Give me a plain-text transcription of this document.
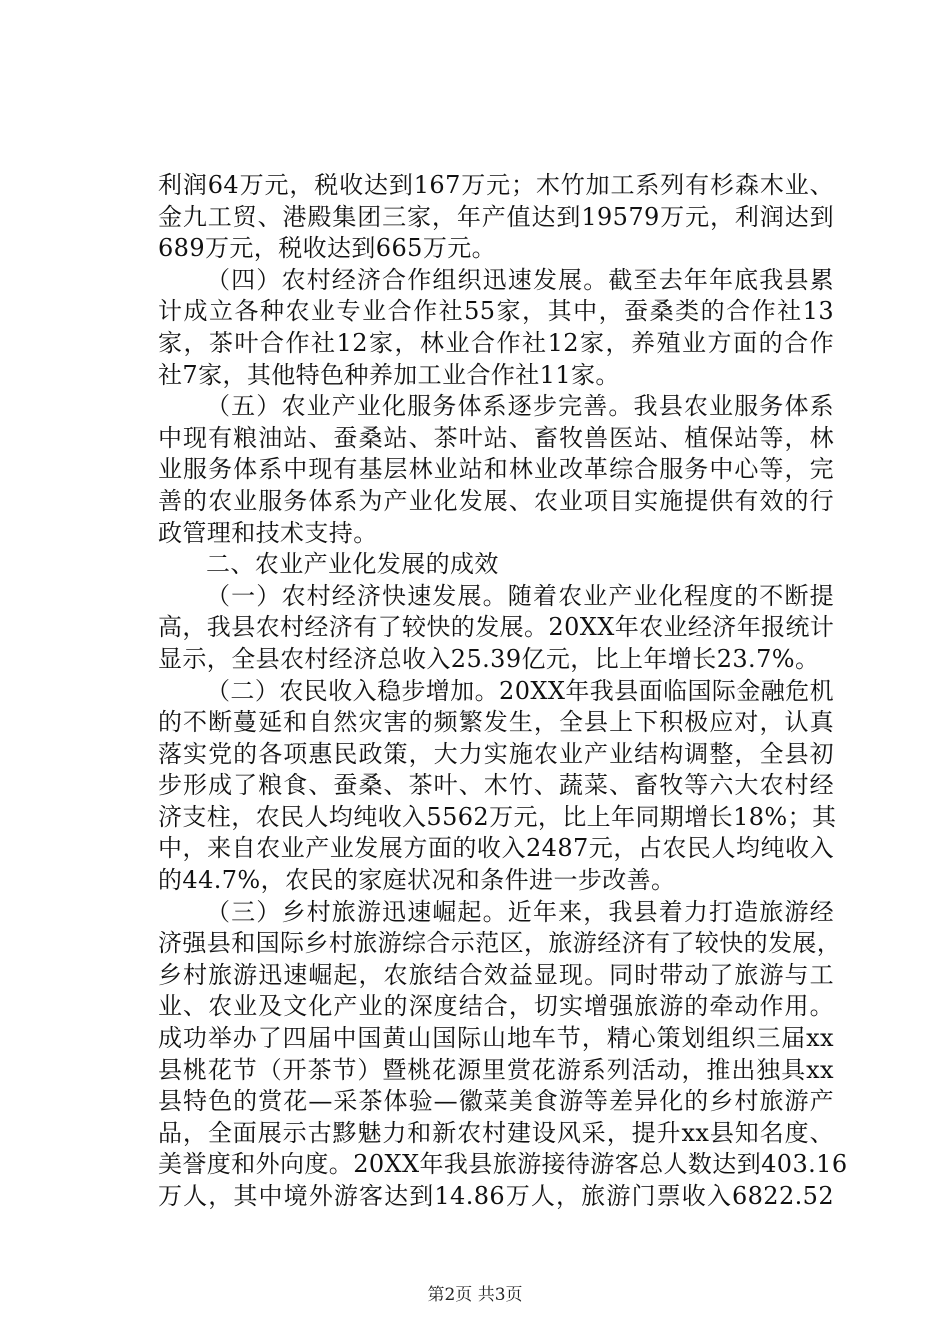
利润64万元，税收达到167万元；木竹加工系列有杉森木业、
金九工贸、港殿集团三家，年产值达到19579万元，利润达到
689万元，税收达到665万元。
（四）农村经济合作组织迅速发展。截至去年年底我县累
计成立各种农业专业合作社55家，其中，蚕桑类的合作社13
家，茶叶合作社12家，林业合作社12家，养殖业方面的合作
社7家，其他特色种养加工业合作社11家。
（五）农业产业化服务体系逐步完善。我县农业服务体系
中现有粮油站、蚕桑站、茶叶站、畜牧兽医站、植保站等，林
业服务体系中现有基层林业站和林业改革综合服务中心等，完
善的农业服务体系为产业化发展、农业项目实施提供有效的行
政管理和技术支持。
二、农业产业化发展的成效
（一）农村经济快速发展。随着农业产业化程度的不断提
高，我县农村经济有了较快的发展。20XX年农业经济年报统计
显示，全县农村经济总收入25.39亿元，比上年增长23.7%。
（二）农民收入稳步增加。20XX年我县面临国际金融危机
的不断蔓延和自然灾害的频繁发生，全县上下积极应对，认真
落实党的各项惠民政策，大力实施农业产业结构调整，全县初
步形成了粮食、蚕桑、茶叶、木竹、蔬菜、畜牧等六大农村经
济支柱，农民人均纯收入5562万元，比上年同期增长18%；其
中，来自农业产业发展方面的收入2487元，占农民人均纯收入
的44.7%，农民的家庭状况和条件进一步改善。
（三）乡村旅游迅速崛起。近年来，我县着力打造旅游经
济强县和国际乡村旅游综合示范区，旅游经济有了较快的发展，
乡村旅游迅速崛起，农旅结合效益显现。同时带动了旅游与工
业、农业及文化产业的深度结合，切实增强旅游的牵动作用。
成功举办了四届中国黄山国际山地车节，精心策划组织三届xx
县桃花节（开茶节）暨桃花源里赏花游系列活动，推出独具xx
县特色的赏花—采茶体验—徽菜美食游等差异化的乡村旅游产
品，全面展示古黟魅力和新农村建设风采，提升xx县知名度、
美誉度和外向度。20XX年我县旅游接待游客总人数达到403.16
万人，其中境外游客达到14.86万人，旅游门票收入6822.52
第2页 共3页
